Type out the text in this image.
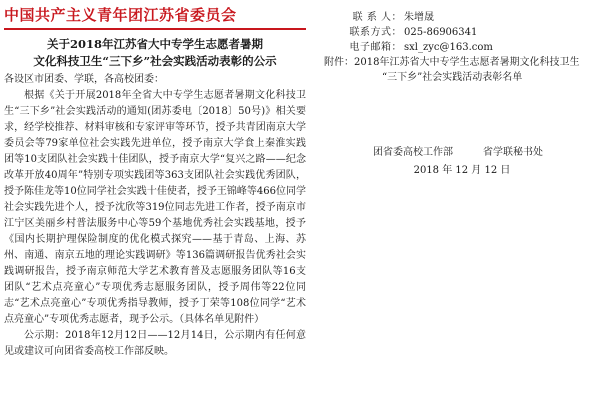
中国共产主义青年团江苏省委员会

关于2018年江苏省大中专学生志愿者暑期

文化科技卫生“三下乡”社会实践活动表彰的公示

各设区市团委、学联，各高校团委：

根据《关于开展2018年全省大中专学生志愿者暑期文化科技卫生“三下乡”社会实践活动的通知(团苏委电〔2018〕50号)》相关要求，经学校推荐、材料审核和专家评审等环节，授予共青团南京大学委员会等79家单位社会实践先进单位，授予南京大学食上秦淮实践团等10支团队社会实践十佳团队，授予南京大学“复兴之路——纪念改革开放40周年”特别专项实践团等363支团队社会实践优秀团队，授予陈佳龙等10位同学社会实践十佳使者，授予王锦峰等466位同学社会实践先进个人，授予沈欣等319位同志先进工作者，授予南京市江宁区美丽乡村普法服务中心等59个基地优秀社会实践基地，授予《国内长期护理保险制度的优化模式探究——基于青岛、上海、苏州、南通、南京五地的理论实践调研》等136篇调研报告优秀社会实践调研报告，授予南京师范大学艺术教育普及志愿服务团队等16支团队“艺术点亮童心”专项优秀志愿服务团队，授予周伟等22位同志“艺术点亮童心”专项优秀指导教师，授予丁荣等108位同学“艺术点亮童心”专项优秀志愿者，现予公示。（具体名单见附件）

公示期：2018年12月12日——12月14日，公示期内有任何意见或建议可向团省委高校工作部反映。

联 系 人： 朱增晟
联系方式： 025-86906341
电子邮箱： sxl_zyc@163.com
附件：2018年江苏省大中专学生志愿者暑期文化科技卫生
“三下乡”社会实践活动表彰名单
团省委高校工作部	省学联秘书处
2018 年 12 月 12 日
